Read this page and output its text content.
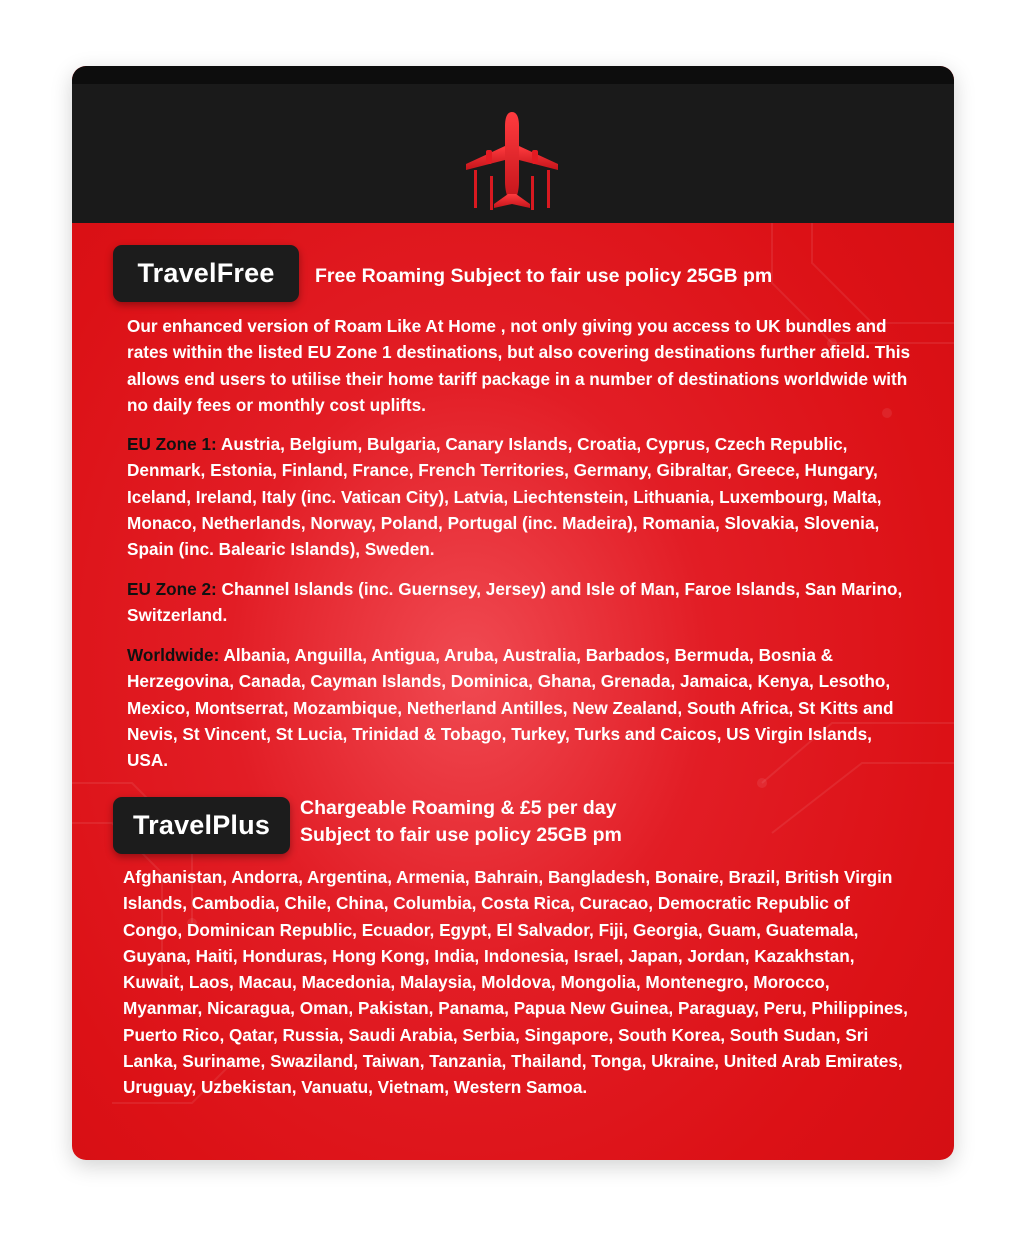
TravelFree Free Roaming Subject to fair use policy 25GB pm

Our enhanced version of Roam Like At Home , not only giving you access to UK bundles and rates within the listed EU Zone 1 destinations, but also covering destinations further afield. This allows end users to utilise their home tariff package in a number of destinations worldwide with no daily fees or monthly cost uplifts.

EU Zone 1: Austria, Belgium, Bulgaria, Canary Islands, Croatia, Cyprus, Czech Republic, Denmark, Estonia, Finland, France, French Territories, Germany, Gibraltar, Greece, Hungary, Iceland, Ireland, Italy (inc. Vatican City), Latvia, Liechtenstein, Lithuania, Luxembourg, Malta, Monaco, Netherlands, Norway, Poland, Portugal (inc. Madeira), Romania, Slovakia, Slovenia, Spain (inc. Balearic Islands), Sweden.

EU Zone 2: Channel Islands (inc. Guernsey, Jersey) and Isle of Man, Faroe Islands, San Marino, Switzerland.

Worldwide: Albania, Anguilla, Antigua, Aruba, Australia, Barbados, Bermuda, Bosnia & Herzegovina, Canada, Cayman Islands, Dominica, Ghana, Grenada, Jamaica, Kenya, Lesotho, Mexico, Montserrat, Mozambique, Netherland Antilles, New Zealand, South Africa, St Kitts and Nevis, St Vincent, St Lucia, Trinidad & Tobago, Turkey, Turks and Caicos, US Virgin Islands, USA.

TravelPlus
Chargeable Roaming & £5 per day
Subject to fair use policy 25GB pm

Afghanistan, Andorra, Argentina, Armenia, Bahrain, Bangladesh, Bonaire, Brazil, British Virgin Islands, Cambodia, Chile, China, Columbia, Costa Rica, Curacao, Democratic Republic of Congo, Dominican Republic, Ecuador, Egypt, El Salvador, Fiji, Georgia, Guam, Guatemala, Guyana, Haiti, Honduras, Hong Kong, India, Indonesia, Israel, Japan, Jordan, Kazakhstan, Kuwait, Laos, Macau, Macedonia, Malaysia, Moldova, Mongolia, Montenegro, Morocco, Myanmar, Nicaragua, Oman, Pakistan, Panama, Papua New Guinea, Paraguay, Peru, Philippines, Puerto Rico, Qatar, Russia, Saudi Arabia, Serbia, Singapore, South Korea, South Sudan, Sri Lanka, Suriname, Swaziland, Taiwan, Tanzania, Thailand, Tonga, Ukraine, United Arab Emirates, Uruguay, Uzbekistan, Vanuatu, Vietnam, Western Samoa.
